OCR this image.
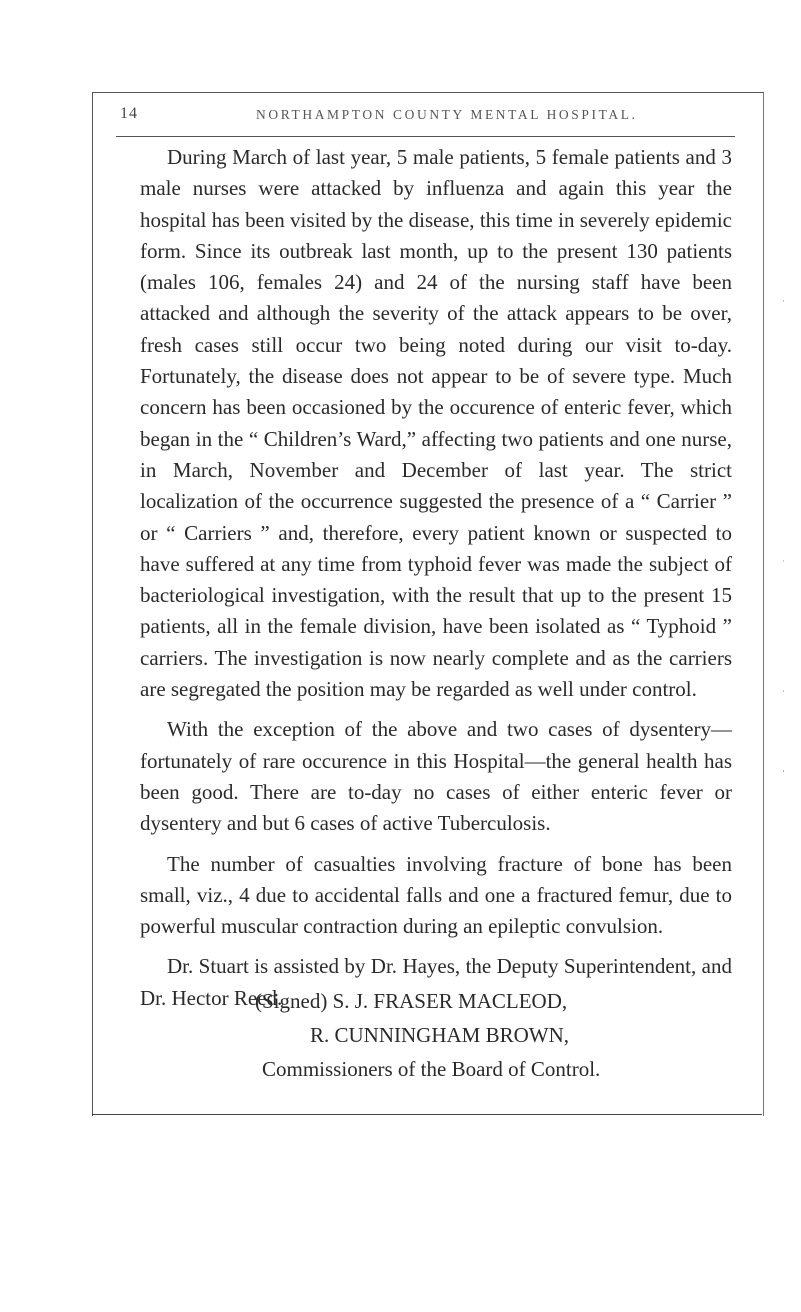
14	NORTHAMPTON COUNTY MENTAL HOSPITAL.

During March of last year, 5 male patients, 5 female patients and 3 male nurses were attacked by influenza and again this year the hospital has been visited by the disease, this time in severely epidemic form. Since its outbreak last month, up to the present 130 patients (males 106, females 24) and 24 of the nursing staff have been attacked and although the severity of the attack appears to be over, fresh cases still occur two being noted during our visit to-day. Fortunately, the disease does not appear to be of severe type. Much concern has been occasioned by the occurence of enteric fever, which began in the “ Children’s Ward,” affecting two patients and one nurse, in March, November and December of last year. The strict localization of the occurrence suggested the presence of a “ Carrier ” or “ Carriers ” and, therefore, every patient known or suspected to have suffered at any time from typhoid fever was made the subject of bacteriological investigation, with the result that up to the present 15 patients, all in the female division, have been isolated as “ Typhoid ” carriers. The investigation is now nearly complete and as the carriers are segregated the position may be regarded as well under control.

With the exception of the above and two cases of dysentery—fortunately of rare occurence in this Hospital—the general health has been good. There are to-day no cases of either enteric fever or dysentery and but 6 cases of active Tuberculosis.

The number of casualties involving fracture of bone has been small, viz., 4 due to accidental falls and one a fractured femur, due to powerful muscular contraction during an epileptic convulsion.

Dr. Stuart is assisted by Dr. Hayes, the Deputy Superintendent, and Dr. Hector Reed.

(Signed) S. J. FRASER MACLEOD,
R. CUNNINGHAM BROWN,
Commissioners of the Board of Control.
